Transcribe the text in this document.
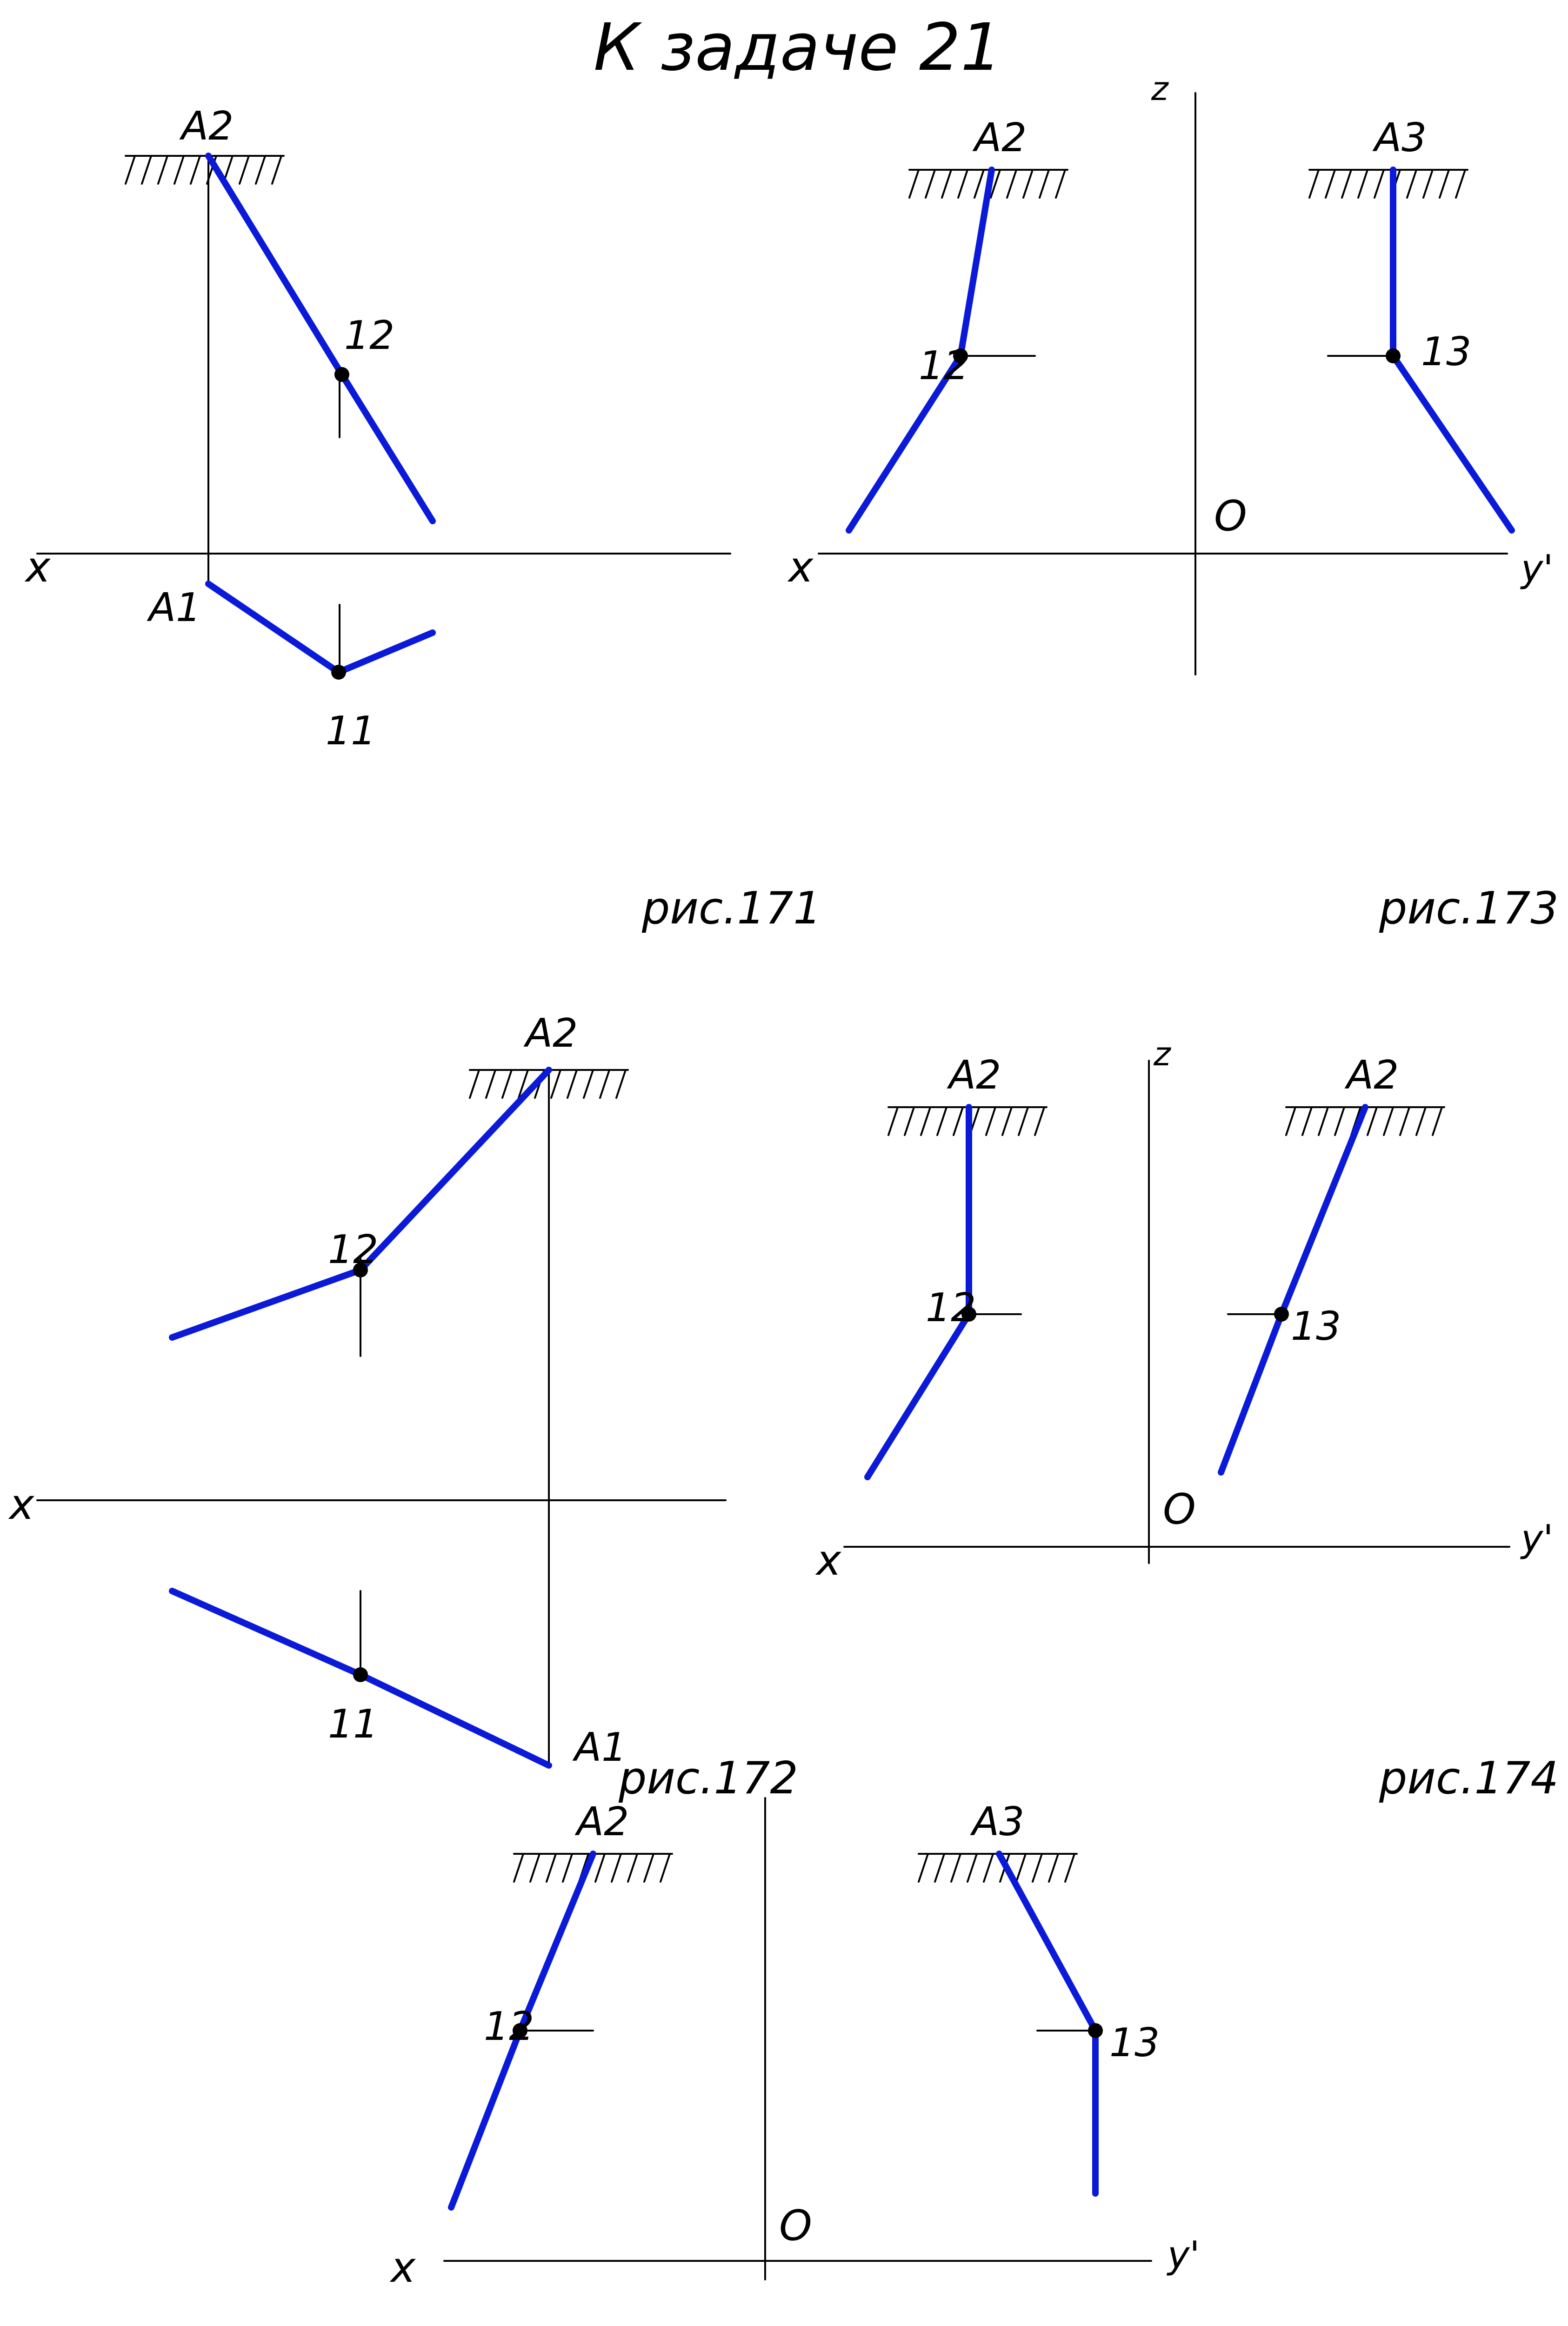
К задаче 21
x
A2
A1
12
11
рис.171
x	y'
z
O
A2	A3
12	13
рис.173
x
A2
A1
12
11
рис.172
x	y'
z
O
A2	A2
12	13
рис.174
x	y'
O
A2	A3
12	13
